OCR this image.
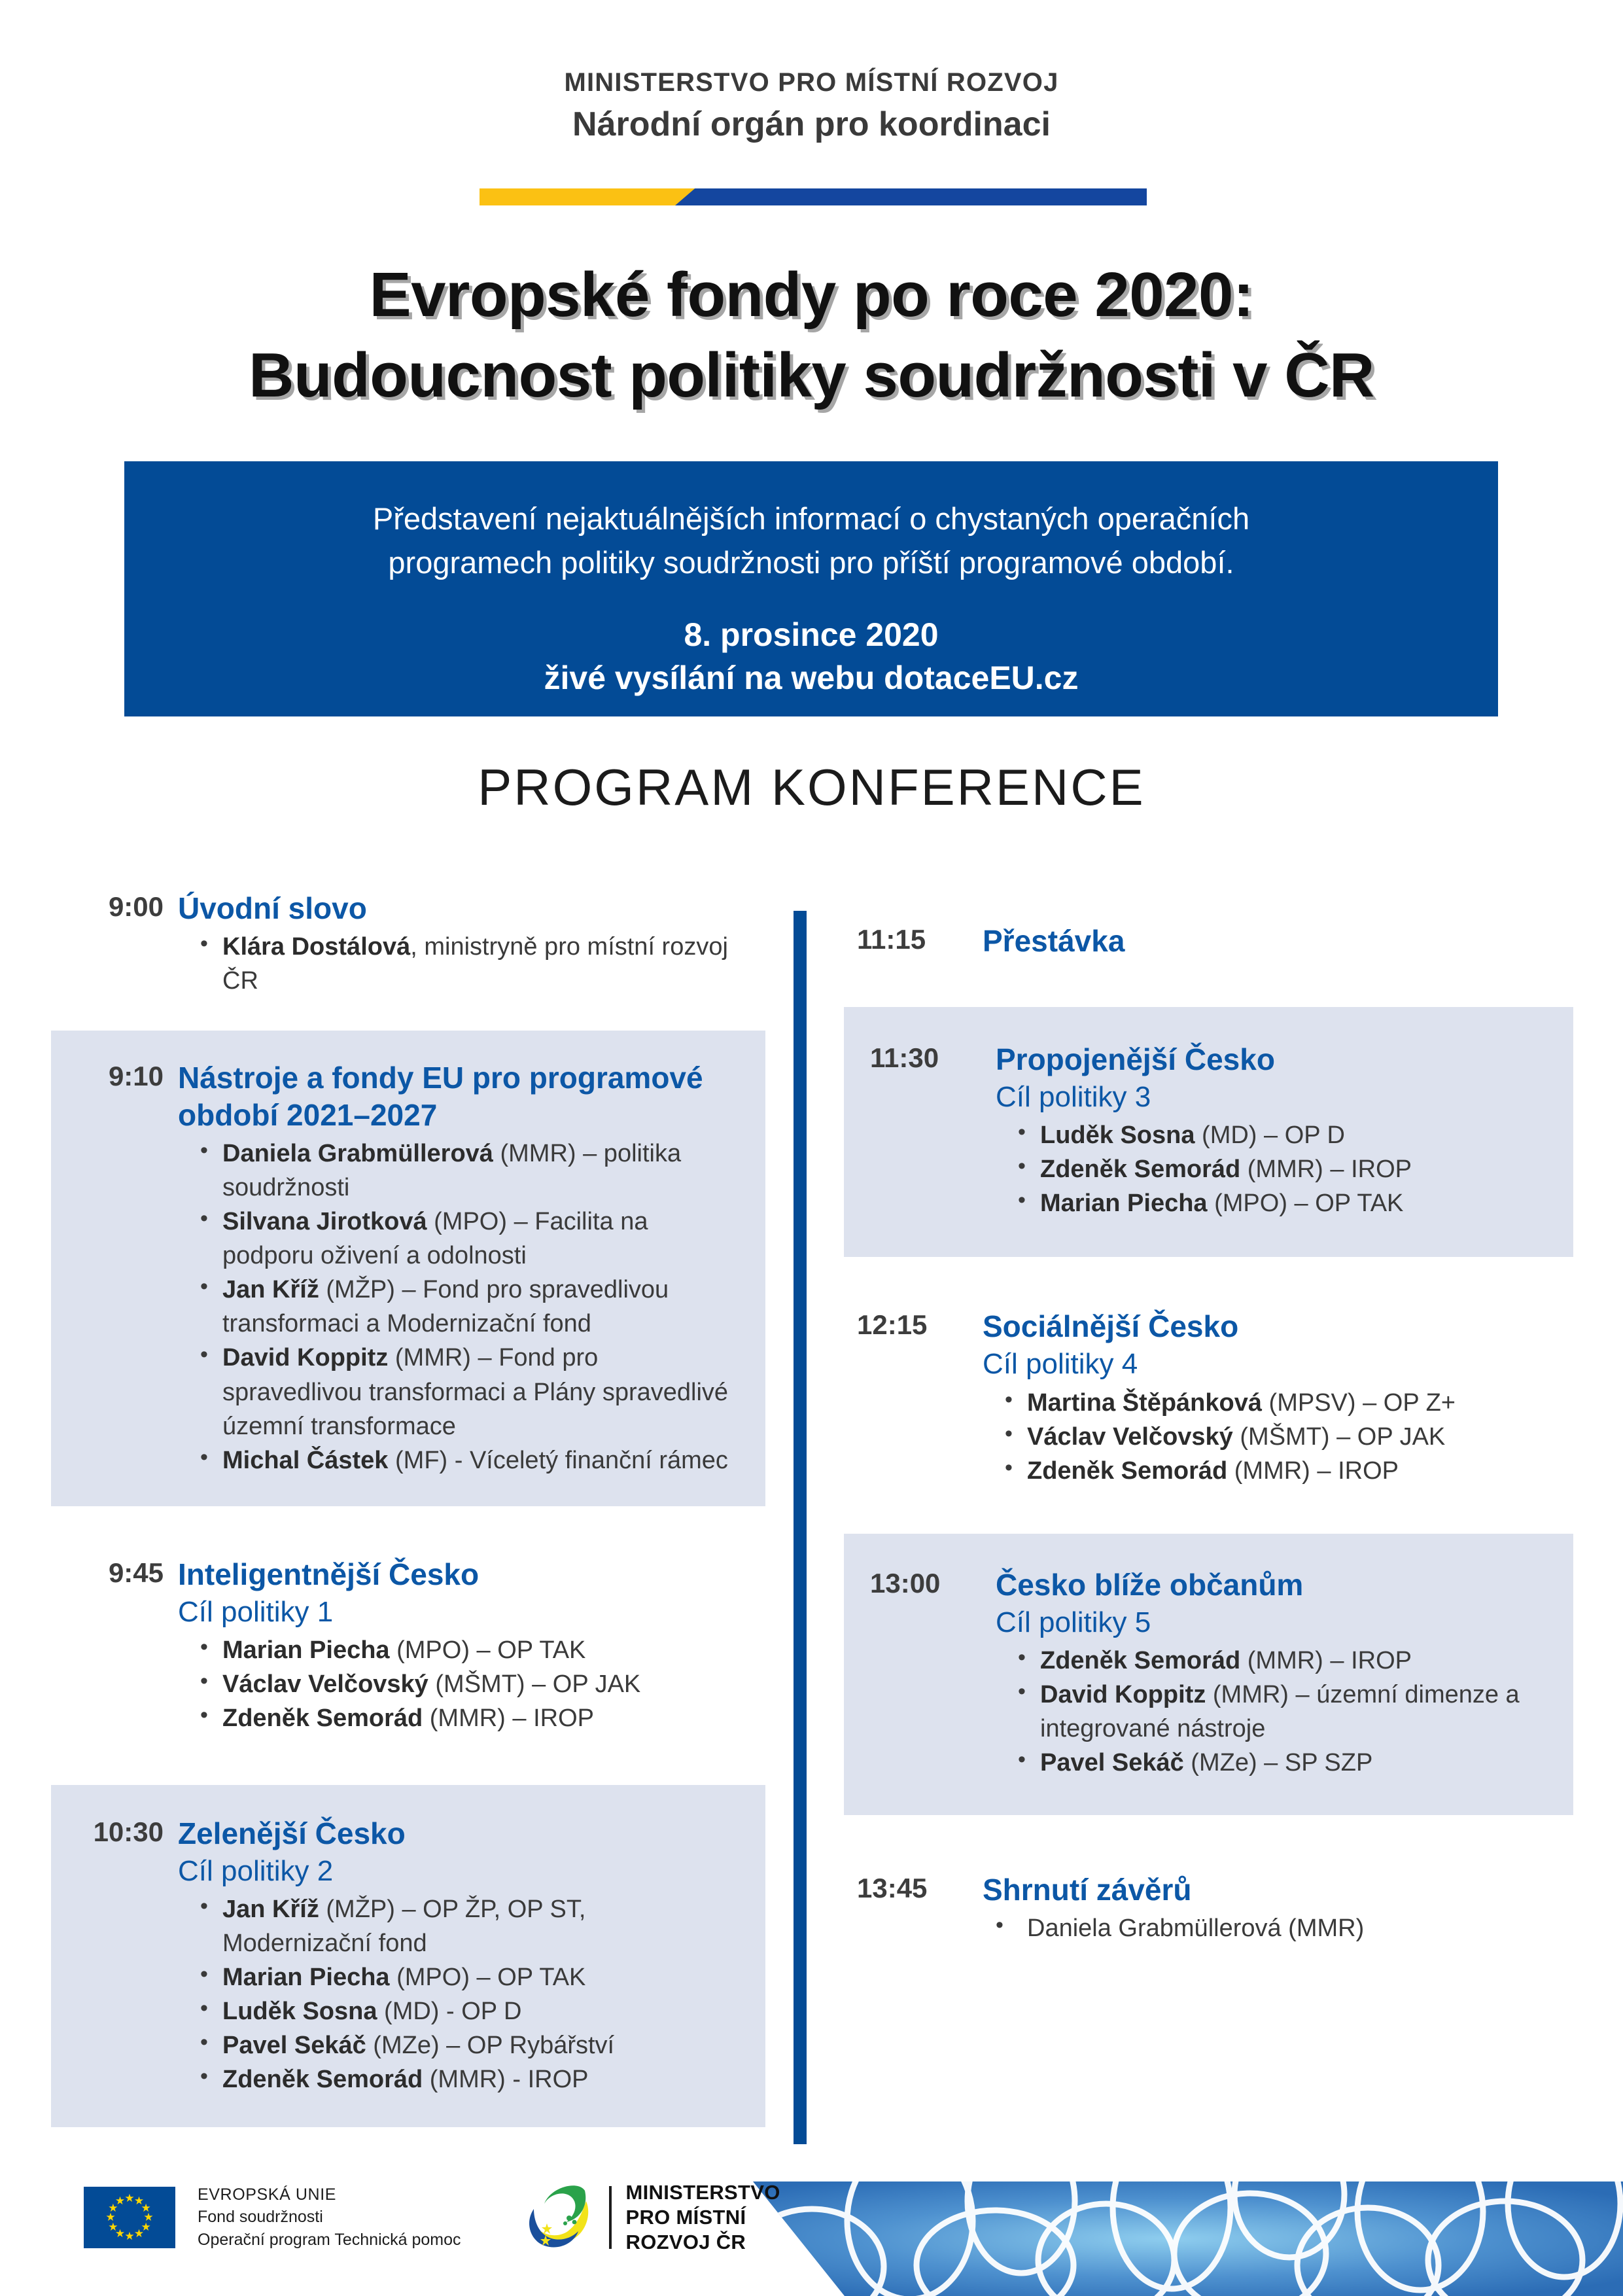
MINISTERSTVO PRO MÍSTNÍ ROZVOJ
Národní orgán pro koordinaci
Evropské fondy po roce 2020:
Budoucnost politiky soudržnosti v ČR
Představení nejaktuálnějších informací o chystaných operačních
programech politiky soudržnosti pro příští programové období.
8. prosince 2020
živé vysílání na webu dotaceEU.cz
PROGRAM KONFERENCE
9:00 Úvodní slovo
• Klára Dostálová, ministryně pro místní rozvoj ČR
9:10 Nástroje a fondy EU pro programové období 2021–2027
• Daniela Grabmüllerová (MMR) – politika soudržnosti
• Silvana Jirotková (MPO) – Facilita na podporu oživení a odolnosti
• Jan Kříž (MŽP) – Fond pro spravedlivou transformaci a Modernizační fond
• David Koppitz (MMR) – Fond pro spravedlivou transformaci a Plány spravedlivé územní transformace
• Michal Částek (MF) - Víceletý finanční rámec
9:45 Inteligentnější Česko
Cíl politiky 1
• Marian Piecha (MPO) – OP TAK
• Václav Velčovský (MŠMT) – OP JAK
• Zdeněk Semorád (MMR) – IROP
10:30 Zelenější Česko
Cíl politiky 2
• Jan Kříž (MŽP) – OP ŽP, OP ST, Modernizační fond
• Marian Piecha (MPO) – OP TAK
• Luděk Sosna (MD) - OP D
• Pavel Sekáč (MZe) – OP Rybářství
• Zdeněk Semorád (MMR) - IROP
11:15	Přestávka
11:30	Propojenější Česko
Cíl politiky 3
• Luděk Sosna (MD) – OP D
• Zdeněk Semorád (MMR) – IROP
• Marian Piecha (MPO) – OP TAK
12:15	Sociálnější Česko
Cíl politiky 4
• Martina Štěpánková (MPSV) – OP Z+
• Václav Velčovský (MŠMT) – OP JAK
• Zdeněk Semorád (MMR) – IROP
13:00	Česko blíže občanům
Cíl politiky 5
• Zdeněk Semorád (MMR) – IROP
• David Koppitz (MMR) – územní dimenze a integrované nástroje
• Pavel Sekáč (MZe) – SP SZP
13:45	Shrnutí závěrů
• Daniela Grabmüllerová (MMR)
★ ★
★
★
★
★
★
★
★
★
★
★	EVROPSKÁ UNIE
Fond soudržnosti
Operační program Technická pomoc
MINISTERSTVO
PRO MÍSTNÍ
ROZVOJ ČR
